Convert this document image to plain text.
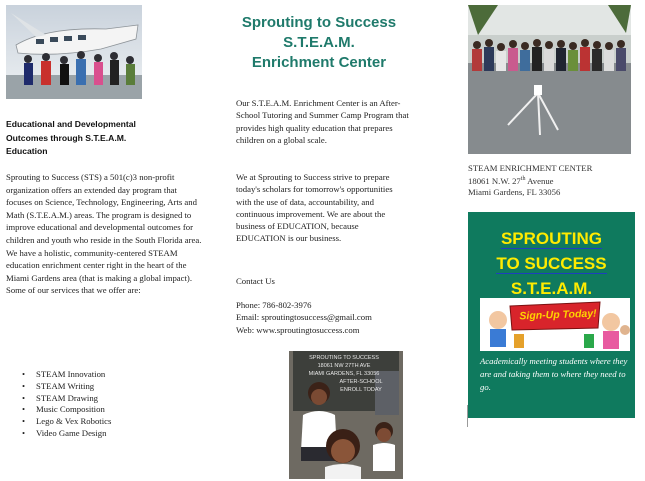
Educational and Developmental
Outcomes through S.T.E.A.M.
Education
Sprouting to Success (STS) a 501(c)3 non-profit organization offers an extended day program that focuses on Science, Technology, Engineering, Arts and Math (S.T.E.A.M.) areas. The program is designed to improve educational and developmental outcomes for children and youth who reside in the South Florida area. We have a holistic, community-centered STEAM education enrichment center right in the heart of the Miami Gardens area (that is making a global impact). Some of our services that we offer are:
• STEAM Innovation
• STEAM Writing
• STEAM Drawing
• Music Composition
• Lego & Vex Robotics
• Video Game Design
Sprouting to Success
S.T.E.A.M.
Enrichment Center
Our S.T.E.A.M. Enrichment Center is an After-School Tutoring and Summer Camp Program that provides high quality education that prepares children on a global scale.
We at Sprouting to Success strive to prepare today's scholars for tomorrow's opportunities with the use of data, accountability, and continuous improvement. We are about the business of EDUCATION, because EDUCATION is our business.
Contact Us
Phone: 786-802-3976
Email: sproutingtosuccess@gmail.com
Web: www.sproutingtosuccess.com
SPROUTING TO SUCCESS
18061 NW 27TH AVE
MIAMI GARDENS, FL 33056
AFTER-SCHOOL
ENROLL TODAY
STEAM ENRICHMENT CENTER
18061 N.W. 27th Avenue
Miami Gardens, FL 33056
SPROUTING
TO SUCCESS
S.T.E.A.M.
Sign-Up Today!
Academically meeting students where they are and taking them to where they need to go.
